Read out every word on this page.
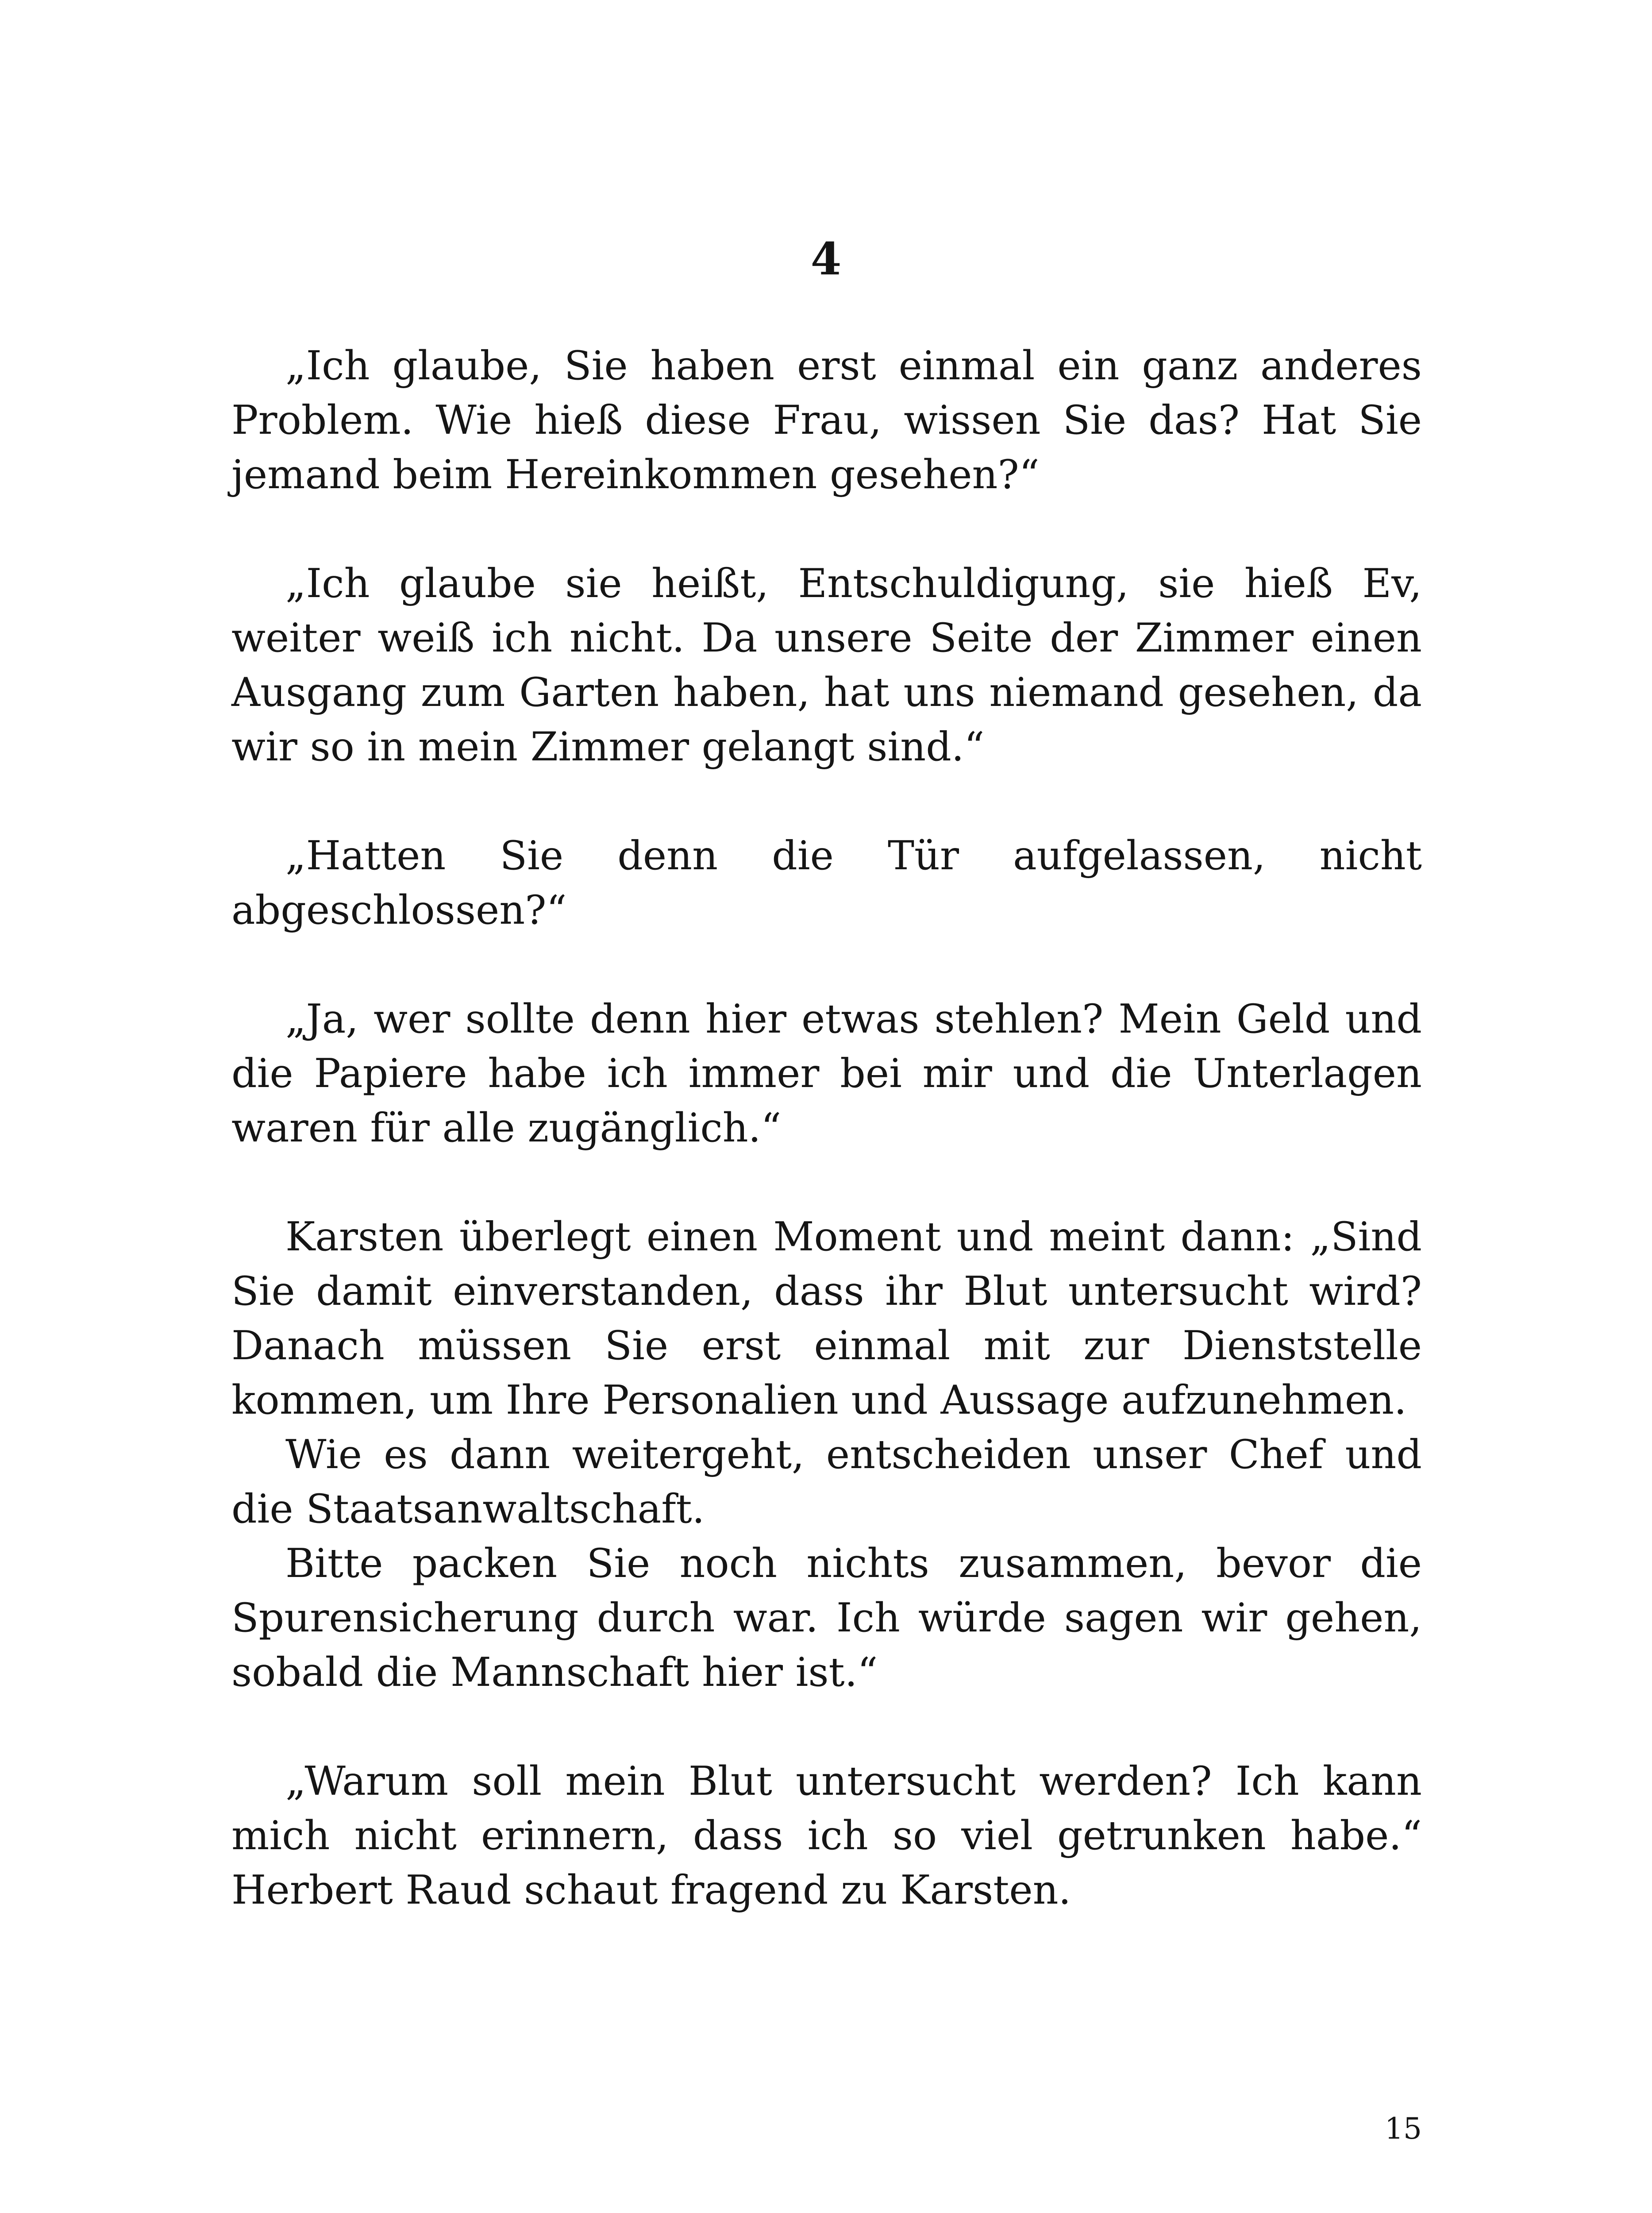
4

„Ich glaube, Sie haben erst einmal ein ganz anderes Problem. Wie hieß diese Frau, wissen Sie das? Hat Sie jemand beim Hereinkommen gesehen?“

„Ich glaube sie heißt, Entschuldigung, sie hieß Ev, weiter weiß ich nicht. Da unsere Seite der Zimmer einen Ausgang zum Garten haben, hat uns niemand gesehen, da wir so in mein Zimmer gelangt sind.“

„Hatten Sie denn die Tür aufgelassen, nicht abgeschlossen?“

„Ja, wer sollte denn hier etwas stehlen? Mein Geld und die Papiere habe ich immer bei mir und die Unterlagen waren für alle zugänglich.“

Karsten überlegt einen Moment und meint dann: „Sind Sie damit einverstanden, dass ihr Blut untersucht wird? Danach müssen Sie erst einmal mit zur Dienststelle kommen, um Ihre Personalien und Aussage aufzunehmen.

Wie es dann weitergeht, entscheiden unser Chef und die Staatsanwaltschaft.

Bitte packen Sie noch nichts zusammen, bevor die Spurensicherung durch war. Ich würde sagen wir gehen, sobald die Mannschaft hier ist.“

„Warum soll mein Blut untersucht werden? Ich kann mich nicht erinnern, dass ich so viel getrunken habe.“ Herbert Raud schaut fragend zu Karsten.

15
